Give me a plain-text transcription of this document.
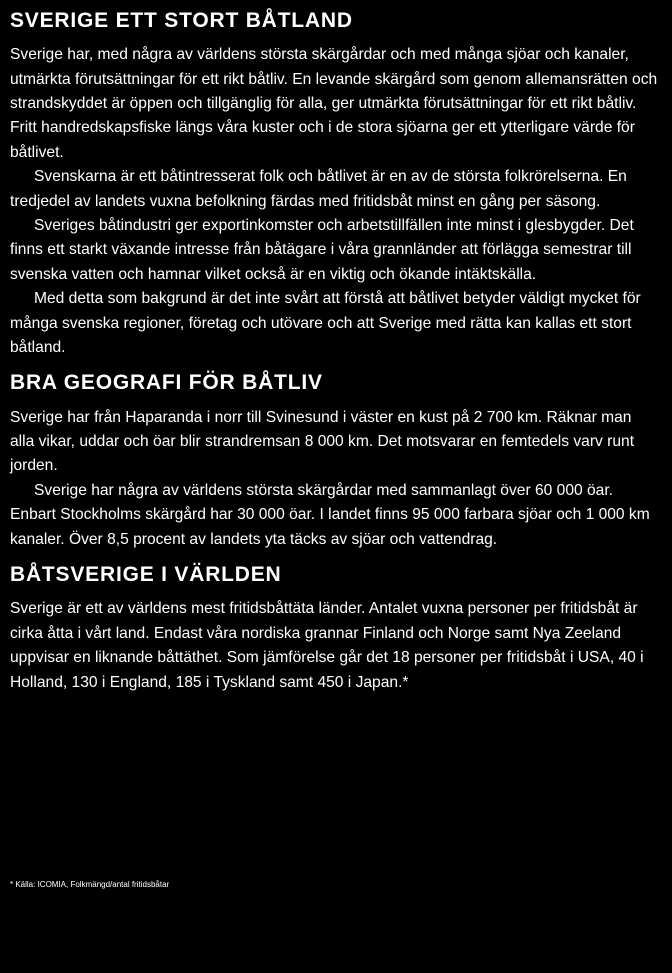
SVERIGE ETT STORT BÅTLAND

Sverige har, med några av världens största skärgårdar och med många sjöar och kanaler, utmärkta förutsättningar för ett rikt båtliv. En levande skärgård som genom allemansrätten och strandskyddet är öppen och tillgänglig för alla, ger utmärkta förutsättningar för ett rikt båtliv. Fritt handredskapsfiske längs våra kuster och i de stora sjöarna ger ett ytterligare värde för båtlivet.

Svenskarna är ett båtintresserat folk och båtlivet är en av de största folkrörelserna. En tredjedel av landets vuxna befolkning färdas med fritidsbåt minst en gång per säsong.

Sveriges båtindustri ger exportinkomster och arbetstillfällen inte minst i glesbygder. Det finns ett starkt växande intresse från båtägare i våra grannländer att förlägga semestrar till svenska vatten och hamnar vilket också är en viktig och ökande intäktskälla.

Med detta som bakgrund är det inte svårt att förstå att båtlivet betyder väldigt mycket för många svenska regioner, företag och utövare och att Sverige med rätta kan kallas ett stort båtland.

BRA GEOGRAFI FÖR BÅTLIV

Sverige har från Haparanda i norr till Svinesund i väster en kust på 2 700 km. Räknar man alla vikar, uddar och öar blir strandremsan 8 000 km. Det motsvarar en femtedels varv runt jorden.

Sverige har några av världens största skärgårdar med sammanlagt över 60 000 öar. Enbart Stockholms skärgård har 30 000 öar. I landet finns 95 000 farbara sjöar och 1 000 km kanaler. Över 8,5 procent av landets yta täcks av sjöar och vattendrag.

BÅTSVERIGE I VÄRLDEN

Sverige är ett av världens mest fritidsbåttäta länder. Antalet vuxna personer per fritidsbåt är cirka åtta i vårt land. Endast våra nordiska grannar Finland och Norge samt Nya Zeeland uppvisar en liknande båttäthet. Som jämförelse går det 18 personer per fritidsbåt i USA, 40 i Holland, 130 i England, 185 i Tyskland samt 450 i Japan.*

* Källa: ICOMIA, Folkmängd/antal fritidsbåtar
